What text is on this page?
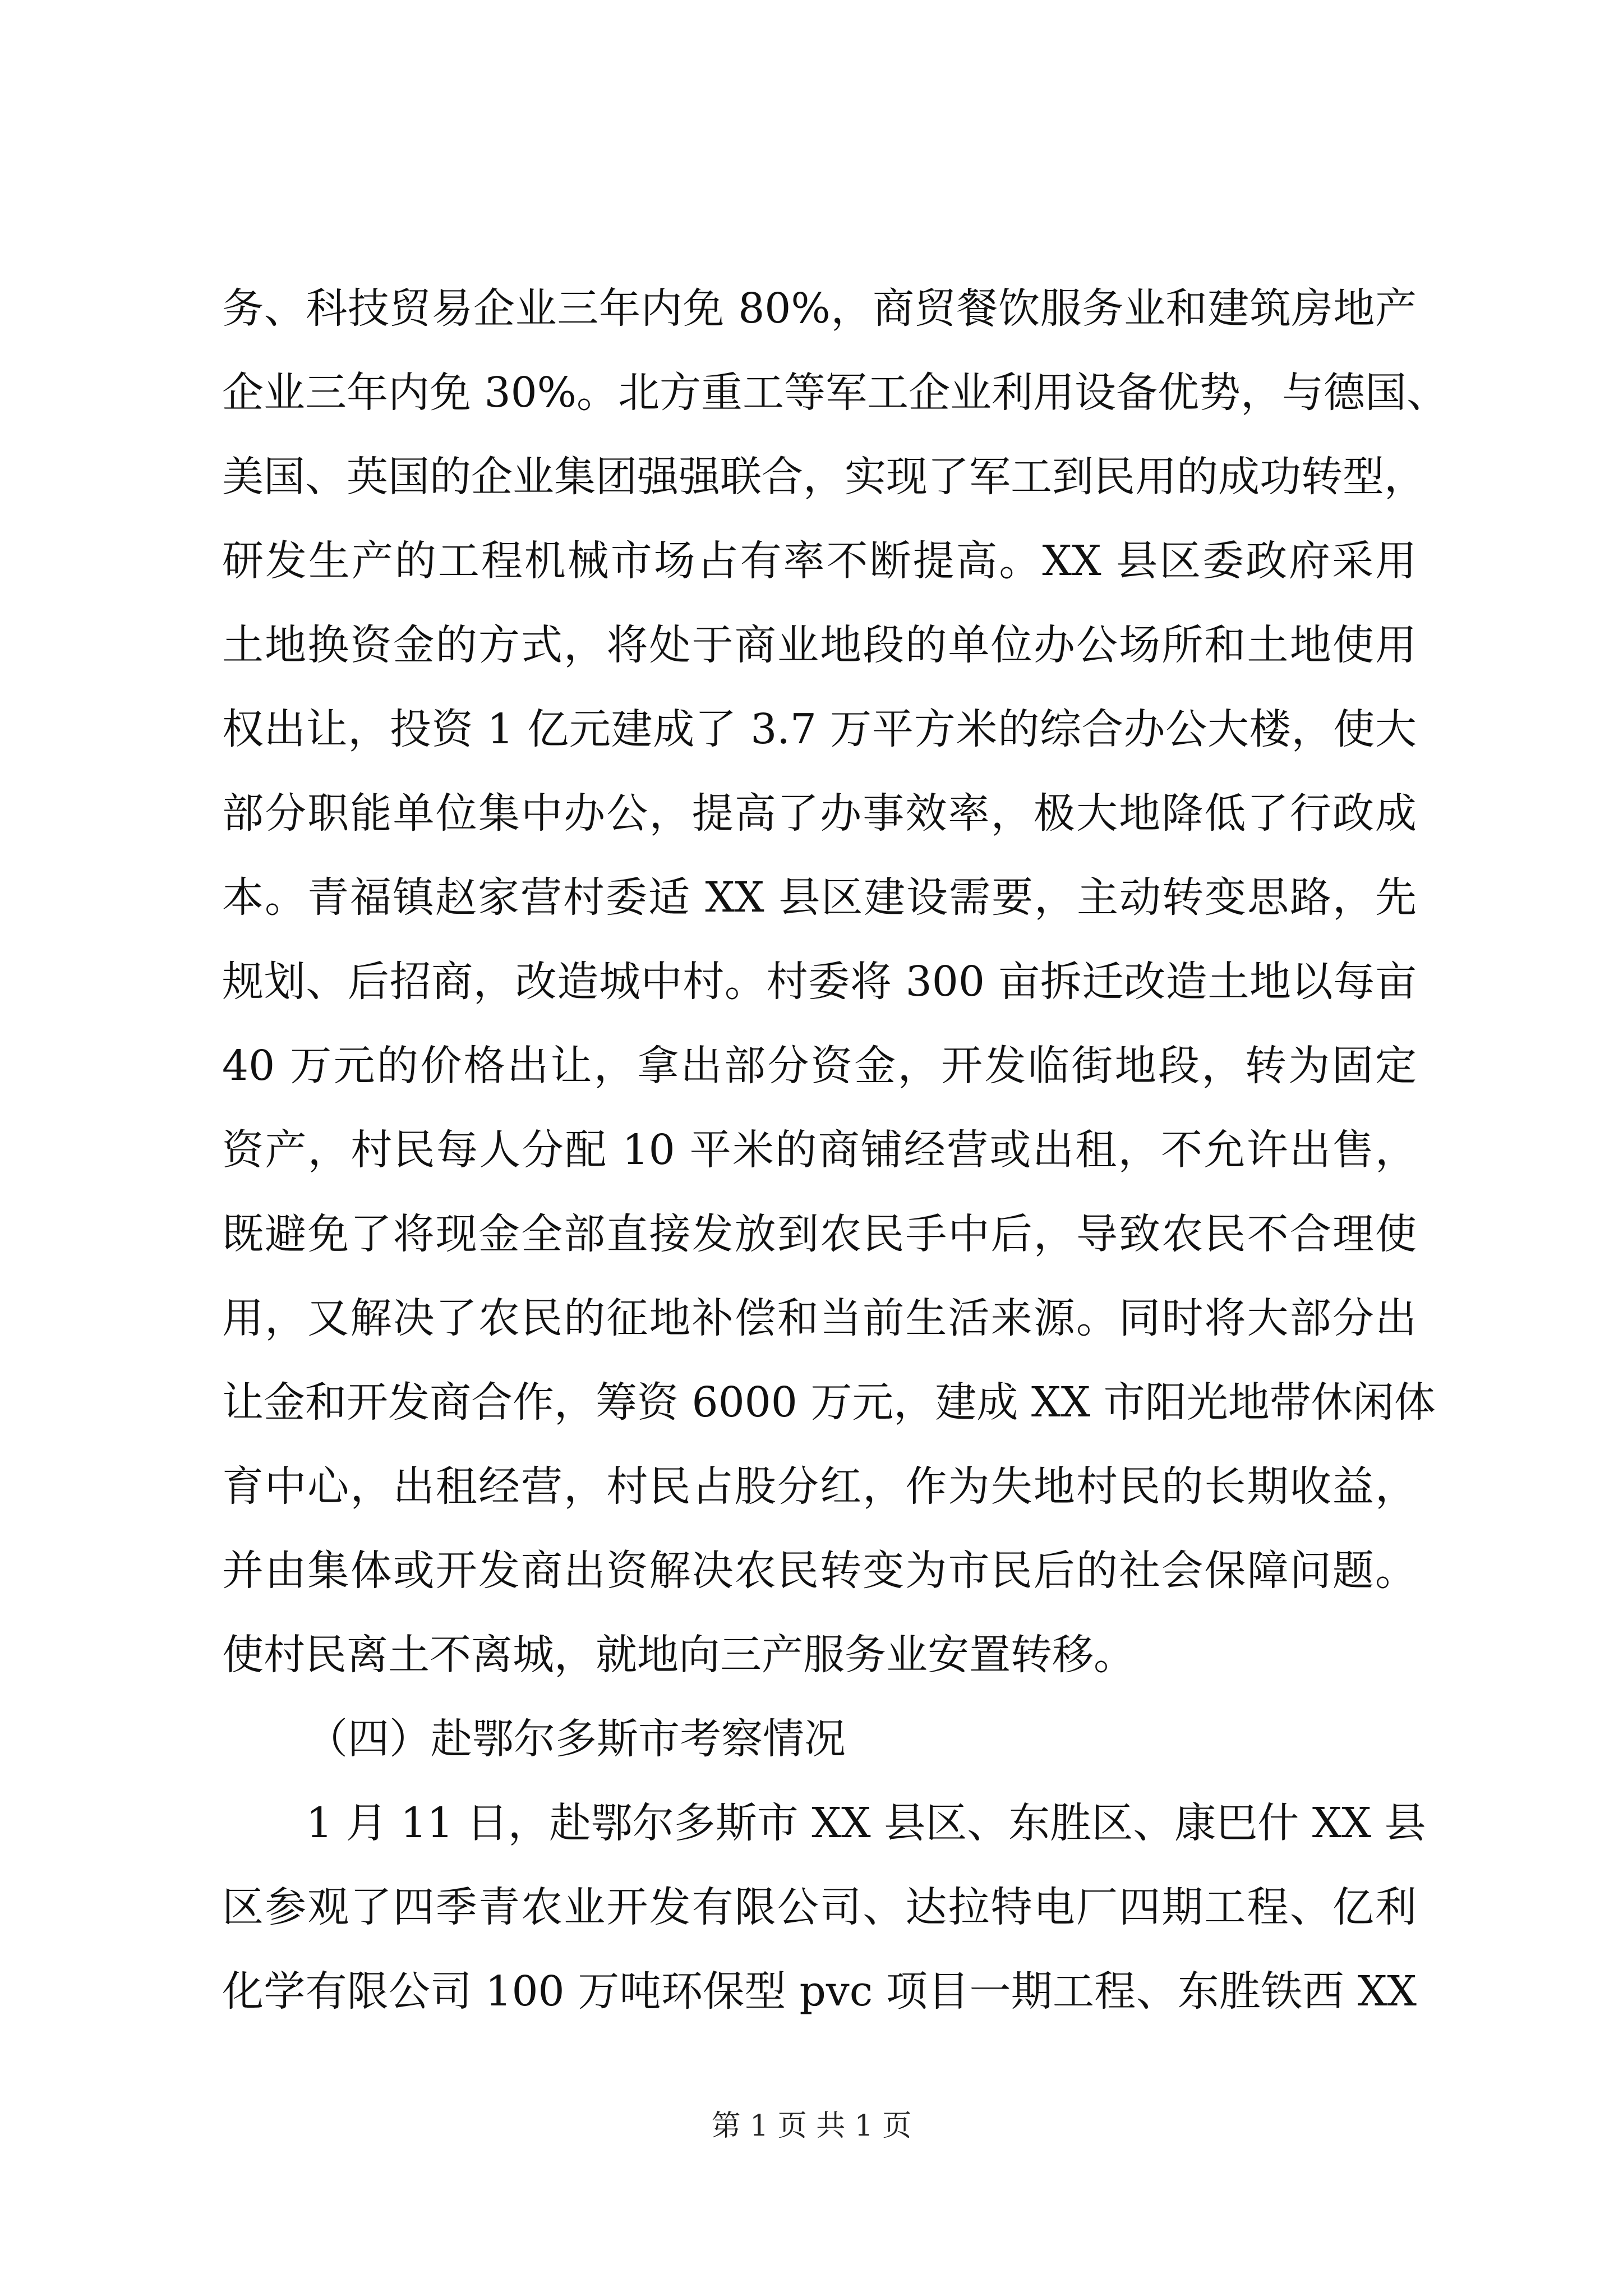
务、科技贸易企业三年内免 80%，商贸餐饮服务业和建筑房地产
企业三年内免 30%。北方重工等军工企业利用设备优势，与德国、
美国、英国的企业集团强强联合，实现了军工到民用的成功转型，
研发生产的工程机械市场占有率不断提高。XX 县区委政府采用
土地换资金的方式，将处于商业地段的单位办公场所和土地使用
权出让，投资 1 亿元建成了 3.7 万平方米的综合办公大楼，使大
部分职能单位集中办公，提高了办事效率，极大地降低了行政成
本。青福镇赵家营村委适 XX 县区建设需要，主动转变思路，先
规划、后招商，改造城中村。村委将 300 亩拆迁改造土地以每亩
40 万元的价格出让，拿出部分资金，开发临街地段，转为固定
资产，村民每人分配 10 平米的商铺经营或出租，不允许出售，
既避免了将现金全部直接发放到农民手中后，导致农民不合理使
用，又解决了农民的征地补偿和当前生活来源。同时将大部分出
让金和开发商合作，筹资 6000 万元，建成 XX 市阳光地带休闲体
育中心，出租经营，村民占股分红，作为失地村民的长期收益，
并由集体或开发商出资解决农民转变为市民后的社会保障问题。
使村民离土不离城，就地向三产服务业安置转移。
（四）赴鄂尔多斯市考察情况
1 月 11 日，赴鄂尔多斯市 XX 县区、东胜区、康巴什 XX 县
区参观了四季青农业开发有限公司、达拉特电厂四期工程、亿利
化学有限公司 100 万吨环保型 pvc 项目一期工程、东胜铁西 XX
第 1 页 共 1 页
